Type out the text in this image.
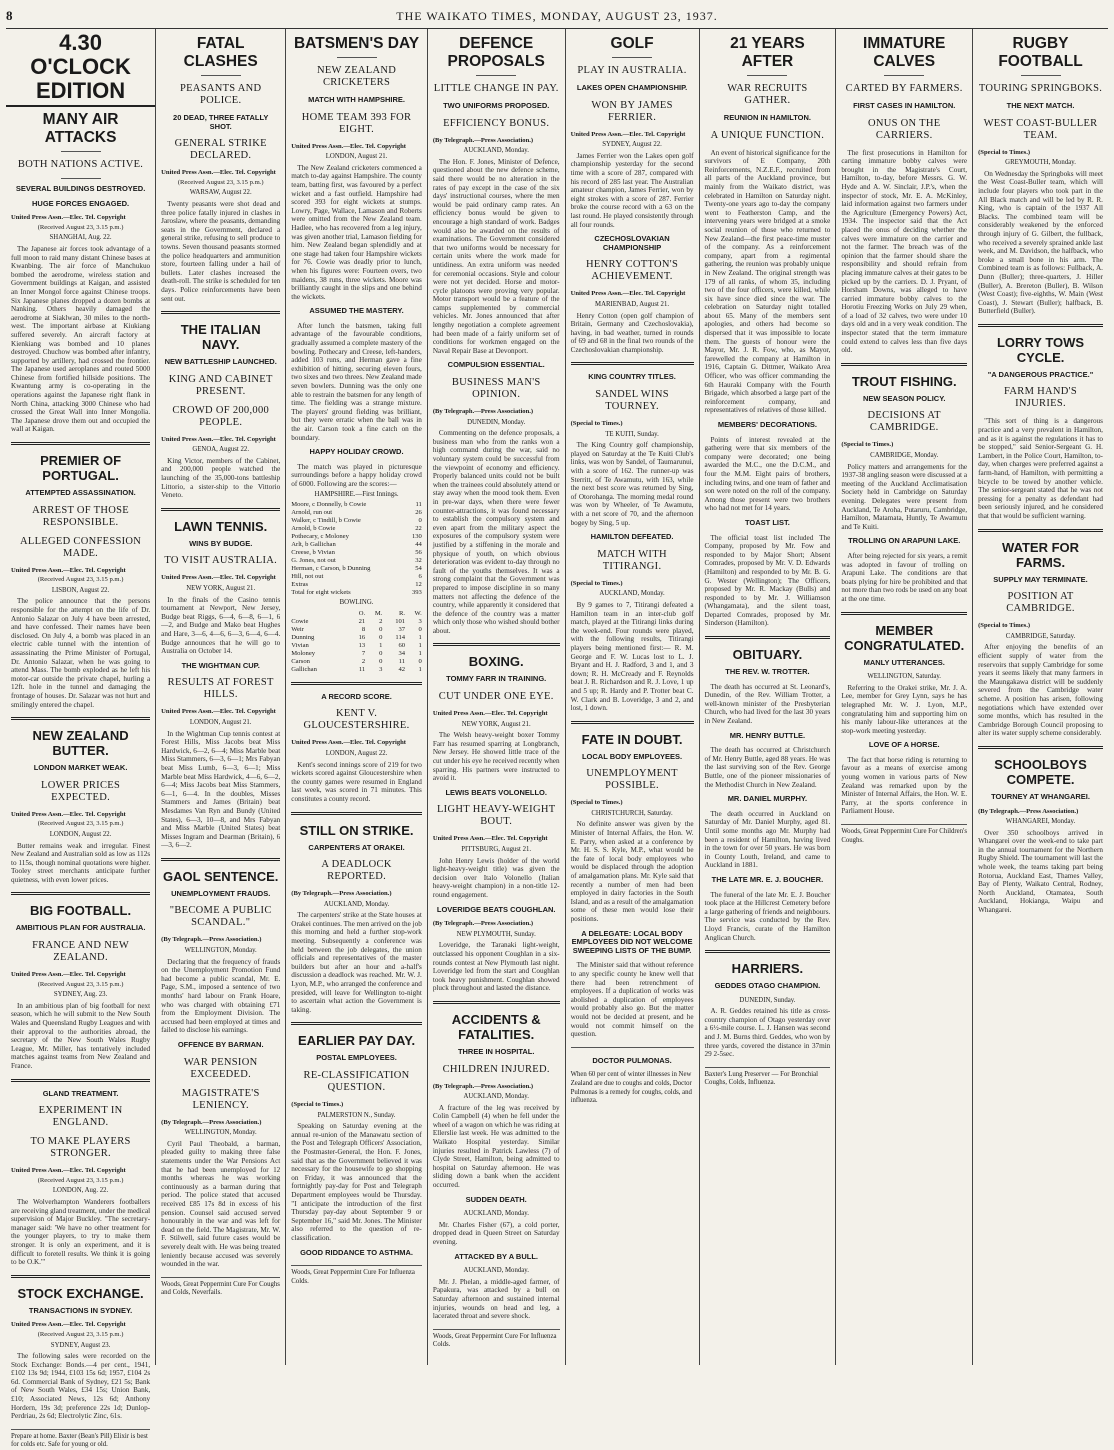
8	THE WAIKATO TIMES, MONDAY, AUGUST 23, 1937.
4.30 O'CLOCK EDITION
MANY AIR ATTACKS
BOTH NATIONS ACTIVE.
SEVERAL BUILDINGS DESTROYED.
HUGE FORCES ENGAGED.
United Press Assn.—Elec. Tel. Copyright
(Received August 23, 3.15 p.m.)
SHANGHAI, Aug. 22.

The Japanese air forces took advantage of a full moon to raid many distant Chinese bases at Kwanbing. The air force of Manchukuo bombed the aerodrome, wireless station and Government buildings at Kaigan, and assisted an Inner Mongol force against Chinese troops. Six Japanese planes dropped a dozen bombs at Nanking. Others heavily damaged the aerodrome at Siaklwan, 30 miles to the north-west. The important airbase at Kiukiang suffered severely. An aircraft factory at Kienkiang was bombed and 10 planes destroyed. Chuchow was bombed after infantry, supported by artillery, had crossed the frontier. The Japanese used aeroplanes and routed 5000 Chinese from fortified hillside positions. The Kwantung army is co-operating in the operations against the Japanese right flank in North China, attacking 3000 Chinese who had crossed the Great Wall into Inner Mongolia. The Japanese drove them out and occupied the wall at Kaigan.

PREMIER OF PORTUGAL.
ATTEMPTED ASSASSINATION.
ARREST OF THOSE RESPONSIBLE.
ALLEGED CONFESSION MADE.
United Press Assn.—Elec. Tel. Copyright
(Received August 23, 3.15 p.m.)
LISBON, August 22.

The police announce that the persons responsible for the attempt on the life of Dr. Antonio Salazar on July 4 have been arrested, and have confessed. Their names have been disclosed. On July 4, a bomb was placed in an electric cable tunnel with the intention of assassinating the Prime Minister of Portugal, Dr. Antonio Salazar, when he was going to attend Mass. The bomb exploded as he left his motor-car outside the private chapel, hurling a 12ft. hole in the tunnel and damaging the frontage of houses. Dr. Salazar was not hurt and smilingly entered the chapel.

NEW ZEALAND BUTTER.
LONDON MARKET WEAK.
LOWER PRICES EXPECTED.
United Press Assn.—Elec. Tel. Copyright
(Received August 23, 3.15 p.m.)
LONDON, August 22.

Butter remains weak and irregular. Finest New Zealand and Australian sold as low as 112s to 115s, though nominal quotations were higher. Tooley street merchants anticipate further quietness, with even lower prices.

BIG FOOTBALL.
AMBITIOUS PLAN FOR AUSTRALIA.
FRANCE AND NEW ZEALAND.
United Press Assn.—Elec. Tel. Copyright
(Received August 23, 3.15 p.m.)
SYDNEY, Aug. 23.

In an ambitious plan of big football for next season, which he will submit to the New South Wales and Queensland Rugby Leagues and with their approval to the authorities abroad, the secretary of the New South Wales Rugby League, Mr. Miller, has tentatively included matches against teams from New Zealand and France.

GLAND TREATMENT.
EXPERIMENT IN ENGLAND.
TO MAKE PLAYERS STRONGER.
United Press Assn.—Elec. Tel. Copyright
(Received August 23, 3.15 p.m.)
LONDON, Aug. 22.

The Wolverhampton Wanderers footballers are receiving gland treatment, under the medical supervision of Major Buckley. "The secretary-manager said: 'We have no other treatment for the younger players, to try to make them stronger. It is only an experiment, and it is difficult to foretell results. We think it is going to be O.K.'"

STOCK EXCHANGE.
TRANSACTIONS IN SYDNEY.
United Press Assn.—Elec. Tel. Copyright
(Received August 23, 3.15 p.m.)
SYDNEY, August 23.

The following sales were recorded on the Stock Exchange: Bonds.—4 per cent., 1941, £102 13s 9d; 1944, £103 15s 6d; 1957, £104 2s 6d. Commercial Bank of Sydney, £21 5s; Bank of New South Wales, £34 15s; Union Bank, £10; Associated News, 12s 6d; Anthony Hordern, 19s 3d; preference 22s 1d; Dunlop-Perdriau, 2s 6d; Electrolytic Zinc, 61s.

Prepare at home. Baxter (Bean's Pill) Elixir is best for colds etc. Safe for young or old.
FATAL CLASHES
PEASANTS AND POLICE.
20 DEAD, THREE FATALLY SHOT.
GENERAL STRIKE DECLARED.
United Press Assn.—Elec. Tel. Copyright
(Received August 23, 3.15 p.m.)
WARSAW, August 22.

Twenty peasants were shot dead and three police fatally injured in clashes in Jaroslaw, where the peasants, demanding seats in the Government, declared a general strike, refusing to sell produce to towns. Seven thousand peasants stormed the police headquarters and ammunition store, fourteen falling under a hail of bullets. Later clashes increased the death-roll. The strike is scheduled for ten days. Police reinforcements have been sent out.

THE ITALIAN NAVY.
NEW BATTLESHIP LAUNCHED.
KING AND CABINET PRESENT.
CROWD OF 200,000 PEOPLE.
United Press Assn.—Elec. Tel. Copyright
GENOA, August 22.

King Victor, members of the Cabinet, and 200,000 people watched the launching of the 35,000-tons battleship Littorio, a sister-ship to the Vittorio Veneto.

LAWN TENNIS.
WINS BY BUDGE.
TO VISIT AUSTRALIA.
United Press Assn.—Elec. Tel. Copyright
NEW YORK, August 21.

In the finals of the Casino tennis tournament at Newport, New Jersey, Budge beat Riggs, 6—4, 6—8, 6—1, 6—2, and Budge and Mako beat Hughes and Hare, 3—6, 4—6, 6—3, 6—4, 6—4. Budge announces that he will go to Australia on October 14.

THE WIGHTMAN CUP.
RESULTS AT FOREST HILLS.
United Press Assn.—Elec. Tel. Copyright
LONDON, August 21.

In the Wightman Cup tennis contest at Forest Hills, Miss Jacobs beat Miss Hardwick, 6—2, 6—4; Miss Marble beat Miss Stammers, 6—3, 6—1; Mrs Fabyan beat Miss Lumb, 6—3, 6—1; Miss Marble beat Miss Hardwick, 4—6, 6—2, 6—4; Miss Jacobs beat Miss Stammers, 6—1, 6—4. In the doubles, Misses Stammers and James (Britain) beat Mesdames Van Ryn and Bundy (United States), 6—3, 10—8, and Mrs Fabyan and Miss Marble (United States) beat Misses Ingram and Dearman (Britain), 6—3, 6—2.

GAOL SENTENCE.
UNEMPLOYMENT FRAUDS.
"BECOME A PUBLIC SCANDAL."
(By Telegraph.—Press Association.)
WELLINGTON, Monday.

Declaring that the frequency of frauds on the Unemployment Promotion Fund had become a public scandal, Mr. E. Page, S.M., imposed a sentence of two months' hard labour on Frank Hoare, who was charged with obtaining £71 from the Employment Division. The accused had been employed at times and failed to disclose his earnings.

OFFENCE BY BARMAN.
WAR PENSION EXCEEDED.
MAGISTRATE'S LENIENCY.
(By Telegraph.—Press Association.)
WELLINGTON, Monday.

Cyril Paul Theobald, a barman, pleaded guilty to making three false statements under the War Pensions Act that he had been unemployed for 12 months whereas he was working continuously as a barman during that period. The police stated that accused received £85 17s 8d in excess of his pension. Counsel said accused served honourably in the war and was left for dead on the field. The Magistrate, Mr. W. F. Stilwell, said future cases would be severely dealt with. He was being treated leniently because accused was severely wounded in the war.

Woods, Great Peppermint Cure For Coughs and Colds, Neverfails.
BATSMEN'S DAY
NEW ZEALAND CRICKETERS
MATCH WITH HAMPSHIRE.
HOME TEAM 393 FOR EIGHT.
United Press Assn.—Elec. Tel. Copyright
LONDON, August 21.

The New Zealand cricketers commenced a match to-day against Hampshire. The county team, batting first, was favoured by a perfect wicket and a fast outfield. Hampshire had scored 393 for eight wickets at stumps. Lowry, Page, Wallace, Lamason and Roberts were omitted from the New Zealand team. Hadlee, who has recovered from a leg injury, was given another trial, Lamason fielding for him. New Zealand began splendidly and at one stage had taken four Hampshire wickets for 76. Cowie was deadly prior to lunch, when his figures were: Fourteen overs, two maidens, 38 runs, three wickets. Moore was brilliantly caught in the slips and one behind the wickets.

ASSUMED THE MASTERY.

After lunch the batsmen, taking full advantage of the favourable conditions, gradually assumed a complete mastery of the bowling. Pothecary and Creese, left-handers, added 103 runs, and Herman gave a fine exhibition of hitting, securing eleven fours, two sixes and two threes. New Zealand made seven bowlers. Dunning was the only one able to restrain the batsmen for any length of time. The fielding was a strange mixture. The players' ground fielding was brilliant, but they were erratic when the ball was in the air. Carson took a fine catch on the boundary.

HAPPY HOLIDAY CROWD.

The match was played in picturesque surroundings before a happy holiday crowd of 6000. Following are the scores:—

HAMPSHIRE.—First Innings.
Moore, c Donnelly, b Cowie	11
Arnold, run out	26
Walker, c Tindill, b Cowie	0
Arnold, b Cowie	22
Pothecary, c Moloney	130
Arlt, b Gallichan	44
Creese, b Vivian	56
G. Jones, not out	32
Herman, c Carson, b Dunning	54
Hill, not out	6
Extras	12
Total for eight wickets	393
BOWLING.
	O.	M.	R.	W.
Cowie	21	2	101	3
Weir	8	0	37	0
Dunning	16	0	114	1
Vivian	13	1	60	1
Moloney	7	0	34	1
Carson	2	0	11	0
Gallichan	11	3	42	1
A RECORD SCORE.
KENT V. GLOUCESTERSHIRE.
United Press Assn.—Elec. Tel. Copyright
LONDON, August 22.

Kent's second innings score of 219 for two wickets scored against Gloucestershire when the county games were resumed in England last week, was scored in 71 minutes. This constitutes a county record.

STILL ON STRIKE.
CARPENTERS AT ORAKEI.
A DEADLOCK REPORTED.
(By Telegraph.—Press Association.)
AUCKLAND, Monday.

The carpenters' strike at the State houses at Orakei continues. The men arrived on the job this morning and held a further stop-work meeting. Subsequently a conference was held between the job delegates, the union officials and representatives of the master builders but after an hour and a-half's discussion a deadlock was reached. Mr. W. J. Lyon, M.P., who arranged the conference and presided, will leave for Wellington to-night to ascertain what action the Government is taking.

EARLIER PAY DAY.
POSTAL EMPLOYEES.
RE-CLASSIFICATION QUESTION.
(Special to Times.)
PALMERSTON N., Sunday.

Speaking on Saturday evening at the annual re-union of the Manawatu section of the Post and Telegraph Officers' Association, the Postmaster-General, the Hon. F. Jones, said that as the Government believed it was necessary for the housewife to go shopping on Friday, it was announced that the fortnightly pay-day for Post and Telegraph Department employees would be Thursday. "I anticipate the introduction of the first Thursday pay-day about September 9 or September 16," said Mr. Jones. The Minister also referred to the question of re-classification.

GOOD RIDDANCE TO ASTHMA.
Woods, Great Peppermint Cure For Influenza Colds.
DEFENCE PROPOSALS
LITTLE CHANGE IN PAY.
TWO UNIFORMS PROPOSED.
EFFICIENCY BONUS.
(By Telegraph.—Press Association.)
AUCKLAND, Monday.

The Hon. F. Jones, Minister of Defence, questioned about the new defence scheme, said there would be no alteration in the rates of pay except in the case of the six days' instructional courses, where the men would be paid ordinary camp rates. An efficiency bonus would be given to encourage a high standard of work. Badges would also be awarded on the results of examinations. The Government considered that two uniforms would be necessary for certain units where the work made for untidiness. An extra uniform was needed for ceremonial occasions. Style and colour were not yet decided. Horse and motor-cycle platoons were proving very popular. Motor transport would be a feature of the camps supplemented by commercial vehicles. Mr. Jones announced that after lengthy negotiation a complete agreement had been made of a fairly uniform set of conditions for workmen engaged on the Naval Repair Base at Devonport.

COMPULSION ESSENTIAL.
BUSINESS MAN'S OPINION.
(By Telegraph.—Press Association.)
DUNEDIN, Monday.

Commenting on the defence proposals, a business man who from the ranks won a high command during the war, said no voluntary system could be successful from the viewpoint of economy and efficiency. Properly balanced units could not be built when the trainees could absolutely attend or stay away when the mood took them. Even in pre-war days, when there were fewer counter-attractions, it was found necessary to establish the compulsory system and even apart from the military aspect the exposures of the compulsory system were justified by a stiffening in the morale and physique of youth, on which obvious deterioration was evident to-day through no fault of the youths themselves. It was a strong complaint that the Government was prepared to impose discipline in so many matters not affecting the defence of the country, while apparently it considered that the defence of the country was a matter which only those who wished should bother about.

BOXING.
TOMMY FARR IN TRAINING.
CUT UNDER ONE EYE.
United Press Assn.—Elec. Tel. Copyright
NEW YORK, August 21.

The Welsh heavy-weight boxer Tommy Farr has resumed sparring at Longbranch, New Jersey. He showed little trace of the cut under his eye he received recently when sparring. His partners were instructed to avoid it.

LEWIS BEATS VOLONELLO.
LIGHT HEAVY-WEIGHT BOUT.
United Press Assn.—Elec. Tel. Copyright
PITTSBURG, August 21.

John Henry Lewis (holder of the world light-heavy-weight title) was given the decision over Italo Volonello (Italian heavy-weight champion) in a non-title 12-round engagement.

LOVERIDGE BEATS COUGHLAN.
(By Telegraph.—Press Association.)
NEW PLYMOUTH, Sunday.

Loveridge, the Taranaki light-weight, outclassed his opponent Coughlan in a six-rounds contest at New Plymouth last night. Loveridge led from the start and Coughlan took heavy punishment. Coughlan showed pluck throughout and lasted the distance.

ACCIDENTS & FATALITIES.
THREE IN HOSPITAL.
CHILDREN INJURED.
(By Telegraph.—Press Association.)
AUCKLAND, Monday.

A fracture of the leg was received by Colin Campbell (4) when he fell under the wheel of a wagon on which he was riding at Ellerslie last week. He was admitted to the Waikato Hospital yesterday. Similar injuries resulted in Patrick Lawless (7) of Clyde Street, Hamilton, being admitted to hospital on Saturday afternoon. He was sliding down a bank when the accident occurred.

SUDDEN DEATH.
AUCKLAND, Monday.

Mr. Charles Fisher (67), a cold porter, dropped dead in Queen Street on Saturday evening.

ATTACKED BY A BULL.
AUCKLAND, Monday.

Mr. J. Phelan, a middle-aged farmer, of Papakura, was attacked by a bull on Saturday afternoon and sustained internal injuries, wounds on head and leg, a lacerated throat and severe shock.

Woods, Great Peppermint Cure For Influenza Colds.
GOLF
PLAY IN AUSTRALIA.
LAKES OPEN CHAMPIONSHIP.
WON BY JAMES FERRIER.
United Press Assn.—Elec. Tel. Copyright
SYDNEY, August 22.

James Ferrier won the Lakes open golf championship yesterday for the second time with a score of 287, compared with his record of 285 last year. The Australian amateur champion, James Ferrier, won by eight strokes with a score of 287. Ferrier broke the course record with a 63 on the last round. He played consistently through all four rounds.

CZECHOSLOVAKIAN CHAMPIONSHIP
HENRY COTTON'S ACHIEVEMENT.
United Press Assn.—Elec. Tel. Copyright
MARIENBAD, August 21.

Henry Cotton (open golf champion of Britain, Germany and Czechoslovakia), having, in bad weather, turned in rounds of 69 and 68 in the final two rounds of the Czechoslovakian championship.

KING COUNTRY TITLES.
SANDEL WINS TOURNEY.
(Special to Times.)
TE KUITI, Sunday.

The King Country golf championship, played on Saturday at the Te Kuiti Club's links, was won by Sandel, of Taumarunui, with a score of 162. The runner-up was Sterritt, of Te Awamutu, with 163, while the next best score was returned by Sing, of Otorohanga. The morning medal round was won by Wheeler, of Te Awamutu, with a net score of 70, and the afternoon bogey by Sing, 5 up.

HAMILTON DEFEATED.
MATCH WITH TITIRANGI.
(Special to Times.)
AUCKLAND, Monday.

By 9 games to 7, Titirangi defeated a Hamilton team in an inter-club golf match, played at the Titirangi links during the week-end. Four rounds were played, with the following results, Titirangi players being mentioned first:— R. M. George and F. W. Lucas lost to L. J. Bryant and H. J. Radford, 3 and 1, and 3 down; R. H. McCready and F. Reynolds beat J. R. Richardson and R. J. Love, 1 up and 5 up; R. Hardy and P. Trotter beat C. W. Clark and B. Loveridge, 3 and 2, and lost, 1 down.

FATE IN DOUBT.
LOCAL BODY EMPLOYEES.
UNEMPLOYMENT POSSIBLE.
(Special to Times.)
CHRISTCHURCH, Saturday.

No definite answer was given by the Minister of Internal Affairs, the Hon. W. E. Parry, when asked at a conference by Mr. H. S. S. Kyle, M.P., what would be the fate of local body employees who would be displaced through the adoption of amalgamation plans. Mr. Kyle said that recently a number of men had been employed in dairy factories in the South Island, and as a result of the amalgamation some of these men would lose their positions.

A DELEGATE: LOCAL BODY EMPLOYEES DID NOT WELCOME SWEEPING LISTS OF THE BUMP.

The Minister said that without reference to any specific county he knew well that there had been retrenchment of employees. If a duplication of works was abolished a duplication of employees would probably also go. But the matter would not be decided at present, and he would not commit himself on the question.

DOCTOR PULMONAS.
When 60 per cent of winter illnesses in New Zealand are due to coughs and colds, Doctor Pulmonas is a remedy for coughs, colds, and influenza.
21 YEARS AFTER
WAR RECRUITS GATHER.
REUNION IN HAMILTON.
A UNIQUE FUNCTION.

An event of historical significance for the survivors of E Company, 20th Reinforcements, N.Z.E.F., recruited from all parts of the Auckland province, but mainly from the Waikato district, was celebrated in Hamilton on Saturday night. Twenty-one years ago to-day the company went to Featherston Camp, and the intervening years were bridged at a smoke social reunion of those who returned to New Zealand—the first peace-time muster of the company. As a reinforcement company, apart from a regimental gathering, the reunion was probably unique in New Zealand. The original strength was 179 of all ranks, of whom 35, including two of the four officers, were killed, while six have since died since the war. The celebration on Saturday night totalled about 65. Many of the members sent apologies, and others had become so dispersed that it was impossible to locate them. The guests of honour were the Mayor, Mr. J. R. Fow, who, as Mayor, farewelled the company at Hamilton in 1916, Captain G. Dittmer, Waikato Area Officer, who was officer commanding the 6th Hauraki Company with the Fourth Brigade, which absorbed a large part of the reinforcement company, and representatives of relatives of those killed.

MEMBERS' DECORATIONS.

Points of interest revealed at the gathering were that six members of the company were decorated; one being awarded the M.C., one the D.C.M., and four the M.M. Eight pairs of brothers, including twins, and one team of father and son were noted on the roll of the company. Among those present were two brothers who had not met for 14 years.

TOAST LIST.

The official toast list included The Company, proposed by Mr. Fow and responded to by Major Short; Absent Comrades, proposed by Mr. V. D. Edwards (Hamilton) and responded to by Mr. B. G. G. Wester (Wellington); The Officers, proposed by Mr. R. Mackay (Bulls) and responded to by Mr. J. Williamson (Whangamata), and the silent toast, Departed Comrades, proposed by Mr. Sinderson (Hamilton).

OBITUARY.
THE REV. W. TROTTER.

The death has occurred at St. Leonard's, Dunedin, of the Rev. William Trotter, a well-known minister of the Presbyterian Church, who had lived for the last 30 years in New Zealand.

MR. HENRY BUTTLE.

The death has occurred at Christchurch of Mr. Henry Buttle, aged 88 years. He was the last surviving son of the Rev. George Buttle, one of the pioneer missionaries of the Methodist Church in New Zealand.

MR. DANIEL MURPHY.

The death occurred in Auckland on Saturday of Mr. Daniel Murphy, aged 81. Until some months ago Mr. Murphy had been a resident of Hamilton, having lived in the town for over 50 years. He was born in County Louth, Ireland, and came to Auckland in 1881.

THE LATE MR. E. J. BOUCHER.

The funeral of the late Mr. E. J. Boucher took place at the Hillcrest Cemetery before a large gathering of friends and neighbours. The service was conducted by the Rev. Lloyd Francis, curate of the Hamilton Anglican Church.

HARRIERS.
GEDDES OTAGO CHAMPION.
DUNEDIN, Sunday.

A. R. Geddes retained his title as cross-country champion of Otago yesterday over a 6½-mile course. L. J. Hansen was second and J. M. Burns third. Geddes, who won by three yards, covered the distance in 37min 29 2-5sec.

Baxter's Lung Preserver — For Bronchial Coughs, Colds, Influenza.
IMMATURE CALVES
CARTED BY FARMERS.
FIRST CASES IN HAMILTON.
ONUS ON THE CARRIERS.

The first prosecutions in Hamilton for carting immature bobby calves were brought in the Magistrate's Court, Hamilton, to-day, before Messrs. G. W. Hyde and A. W. Sinclair, J.P.'s, when the inspector of stock, Mr. E. A. McKinley, laid information against two farmers under the Agriculture (Emergency Powers) Act, 1934. The inspector said that the Act placed the onus of deciding whether the calves were immature on the carrier and not the farmer. The breach was of the opinion that the farmer should share the responsibility and should refrain from placing immature calves at their gates to be picked up by the carriers. D. J. Pryant, of Horsham Downs, was alleged to have carried immature bobby calves to the Horotiu Freezing Works on July 29 when, of a load of 32 calves, two were under 10 days old and in a very weak condition. The inspector stated that the term immature could extend to calves less than five days old.

TROUT FISHING.
NEW SEASON POLICY.
DECISIONS AT CAMBRIDGE.
(Special to Times.)
CAMBRIDGE, Monday.

Policy matters and arrangements for the 1937-38 angling season were discussed at a meeting of the Auckland Acclimatisation Society held in Cambridge on Saturday evening. Delegates were present from Auckland, Te Aroha, Putaruru, Cambridge, Hamilton, Matamata, Huntly, Te Awamutu and Te Kuiti.

TROLLING ON ARAPUNI LAKE.

After being rejected for six years, a remit was adopted in favour of trolling on Arapuni Lake. The conditions are that boats plying for hire be prohibited and that not more than two rods be used on any boat at the one time.

MEMBER CONGRATULATED.
MANLY UTTERANCES.
WELLINGTON, Saturday.

Referring to the Orakei strike, Mr. J. A. Lee, member for Grey Lynn, says he has telegraphed Mr. W. J. Lyon, M.P., congratulating him and supporting him on his manly labour-like utterances at the stop-work meeting yesterday.

LOVE OF A HORSE.

The fact that horse riding is returning to favour as a means of exercise among young women in various parts of New Zealand was remarked upon by the Minister of Internal Affairs, the Hon. W. E. Parry, at the sports conference in Parliament House.

Woods, Great Peppermint Cure For Children's Coughs.
RUGBY FOOTBALL
TOURING SPRINGBOKS.
THE NEXT MATCH.
WEST COAST-BULLER TEAM.
(Special to Times.)
GREYMOUTH, Monday.

On Wednesday the Springboks will meet the West Coast-Buller team, which will include four players who took part in the All Black match and will be led by R. R. King, who is captain of the 1937 All Blacks. The combined team will be considerably weakened by the enforced through injury of G. Gilbert, the fullback, who received a severely sprained ankle last week, and M. Davidson, the halfback, who broke a small bone in his arm. The Combined team is as follows: Fullback, A. Dunn (Buller); three-quarters, J. Hiller (Buller), A. Brereton (Buller), B. Wilson (West Coast); five-eighths, W. Main (West Coast), J. Stewart (Buller); halfback, B. Butterfield (Buller).

LORRY TOWS CYCLE.
"A DANGEROUS PRACTICE."
FARM HAND'S INJURIES.

"This sort of thing is a dangerous practice and a very prevalent in Hamilton, and as it is against the regulations it has to be stopped," said Senior-Sergeant G. H. Lambert, in the Police Court, Hamilton, to-day, when charges were preferred against a farm-hand, of Hamilton, with permitting a bicycle to be towed by another vehicle. The senior-sergeant stated that he was not pressing for a penalty as defendant had been seriously injured, and he considered that that would be sufficient warning.

WATER FOR FARMS.
SUPPLY MAY TERMINATE.
POSITION AT CAMBRIDGE.
(Special to Times.)
CAMBRIDGE, Saturday.

After enjoying the benefits of an efficient supply of water from the reservoirs that supply Cambridge for some years it seems likely that many farmers in the Maungakawa district will be suddenly severed from the Cambridge water scheme. A position has arisen, following negotiations which have extended over some months, which has resulted in the Cambridge Borough Council proposing to alter its water supply scheme considerably.

SCHOOLBOYS COMPETE.
TOURNEY AT WHANGAREI.
(By Telegraph.—Press Association.)
WHANGAREI, Monday.

Over 350 schoolboys arrived in Whangarei over the week-end to take part in the annual tournament for the Northern Rugby Shield. The tournament will last the whole week, the teams taking part being Rotorua, Auckland East, Thames Valley, Bay of Plenty, Waikato Central, Rodney, North Auckland, Otamatea, South Auckland, Hokianga, Waipu and Whangarei.
